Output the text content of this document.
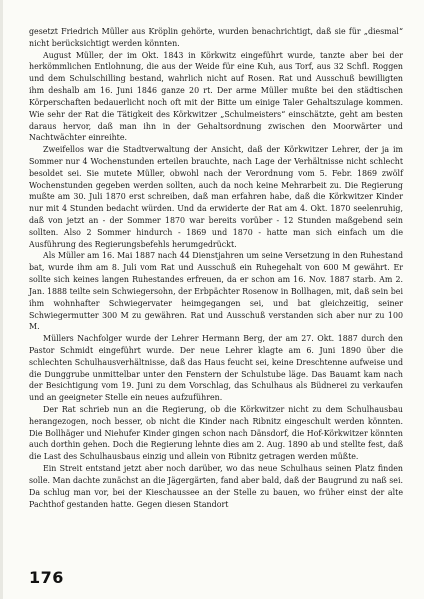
gesetzt Friedrich Müller aus Kröplin gehörte, wurden benachrichtigt, daß sie für „diesmal“ nicht berücksichtigt werden könnten.

August Müller, der im Okt. 1843 in Körkwitz eingeführt wurde, tanzte aber bei der herkömmlichen Entlohnung, die aus der Weide für eine Kuh, aus Torf, aus 32 Schfl. Roggen und dem Schulschilling bestand, wahrlich nicht auf Rosen. Rat und Ausschuß bewilligten ihm deshalb am 16. Juni 1846 ganze 20 rt. Der arme Müller mußte bei den städtischen Körperschaften bedauerlicht noch oft mit der Bitte um einige Taler Gehaltszulage kommen. Wie sehr der Rat die Tätigkeit des Körkwitzer „Schulmeisters“ einschätzte, geht am besten daraus hervor, daß man ihn in der Gehaltsordnung zwischen den Moorwärter und Nachtwächter einreihte.

Zweifellos war die Stadtverwaltung der Ansicht, daß der Körkwitzer Lehrer, der ja im Sommer nur 4 Wochenstunden erteilen brauchte, nach Lage der Verhältnisse nicht schlecht besoldet sei. Sie mutete Müller, obwohl nach der Verordnung vom 5. Febr. 1869 zwölf Wochenstunden gegeben werden sollten, auch da noch keine Mehrarbeit zu. Die Regierung mußte am 30. Juli 1870 erst schreiben, daß man erfahren habe, daß die Körkwitzer Kinder nur mit 4 Stunden bedacht würden. Und da erwiderte der Rat am 4. Okt. 1870 seelenruhig, daß von jetzt an - der Sommer 1870 war bereits vorüber - 12 Stunden maßgebend sein sollten. Also 2 Sommer hindurch - 1869 und 1870 - hatte man sich einfach um die Ausführung des Regierungsbefehls herumgedrückt.

Als Müller am 16. Mai 1887 nach 44 Dienstjahren um seine Versetzung in den Ruhestand bat, wurde ihm am 8. Juli vom Rat und Ausschuß ein Ruhegehalt von 600 M gewährt. Er sollte sich keines langen Ruhestandes erfreuen, da er schon am 16. Nov. 1887 starb. Am 2. Jan. 1888 teilte sein Schwiegersohn, der Erbpächter Rosenow in Bollhagen, mit, daß sein bei ihm wohnhafter Schwiegervater heimgegangen sei, und bat gleichzeitig, seiner Schwiegermutter 300 M zu gewähren. Rat und Ausschuß verstanden sich aber nur zu 100 M.

Müllers Nachfolger wurde der Lehrer Hermann Berg, der am 27. Okt. 1887 durch den Pastor Schmidt eingeführt wurde. Der neue Lehrer klagte am 6. Juni 1890 über die schlechten Schulhausverhältnisse, daß das Haus feucht sei, keine Dreschtenne aufweise und die Dunggrube unmittelbar unter den Fenstern der Schulstube läge. Das Bauamt kam nach der Besichtigung vom 19. Juni zu dem Vorschlag, das Schulhaus als Büdnerei zu verkaufen und an geeigneter Stelle ein neues aufzuführen.

Der Rat schrieb nun an die Regierung, ob die Körkwitzer nicht zu dem Schulhausbau herangezogen, noch besser, ob nicht die Kinder nach Ribnitz eingeschult werden könnten. Die Bollhäger und Niehufer Kinder gingen schon nach Dänsdorf, die Hof-Körkwitzer könnten auch dorthin gehen. Doch die Regierung lehnte dies am 2. Aug. 1890 ab und stellte fest, daß die Last des Schulhausbaus einzig und allein von Ribnitz getragen werden müßte.

Ein Streit entstand jetzt aber noch darüber, wo das neue Schulhaus seinen Platz finden solle. Man dachte zunächst an die Jägergärten, fand aber bald, daß der Baugrund zu naß sei. Da schlug man vor, bei der Kieschaussee an der Stelle zu bauen, wo früher einst der alte Pachthof gestanden hatte. Gegen diesen Standort

176
